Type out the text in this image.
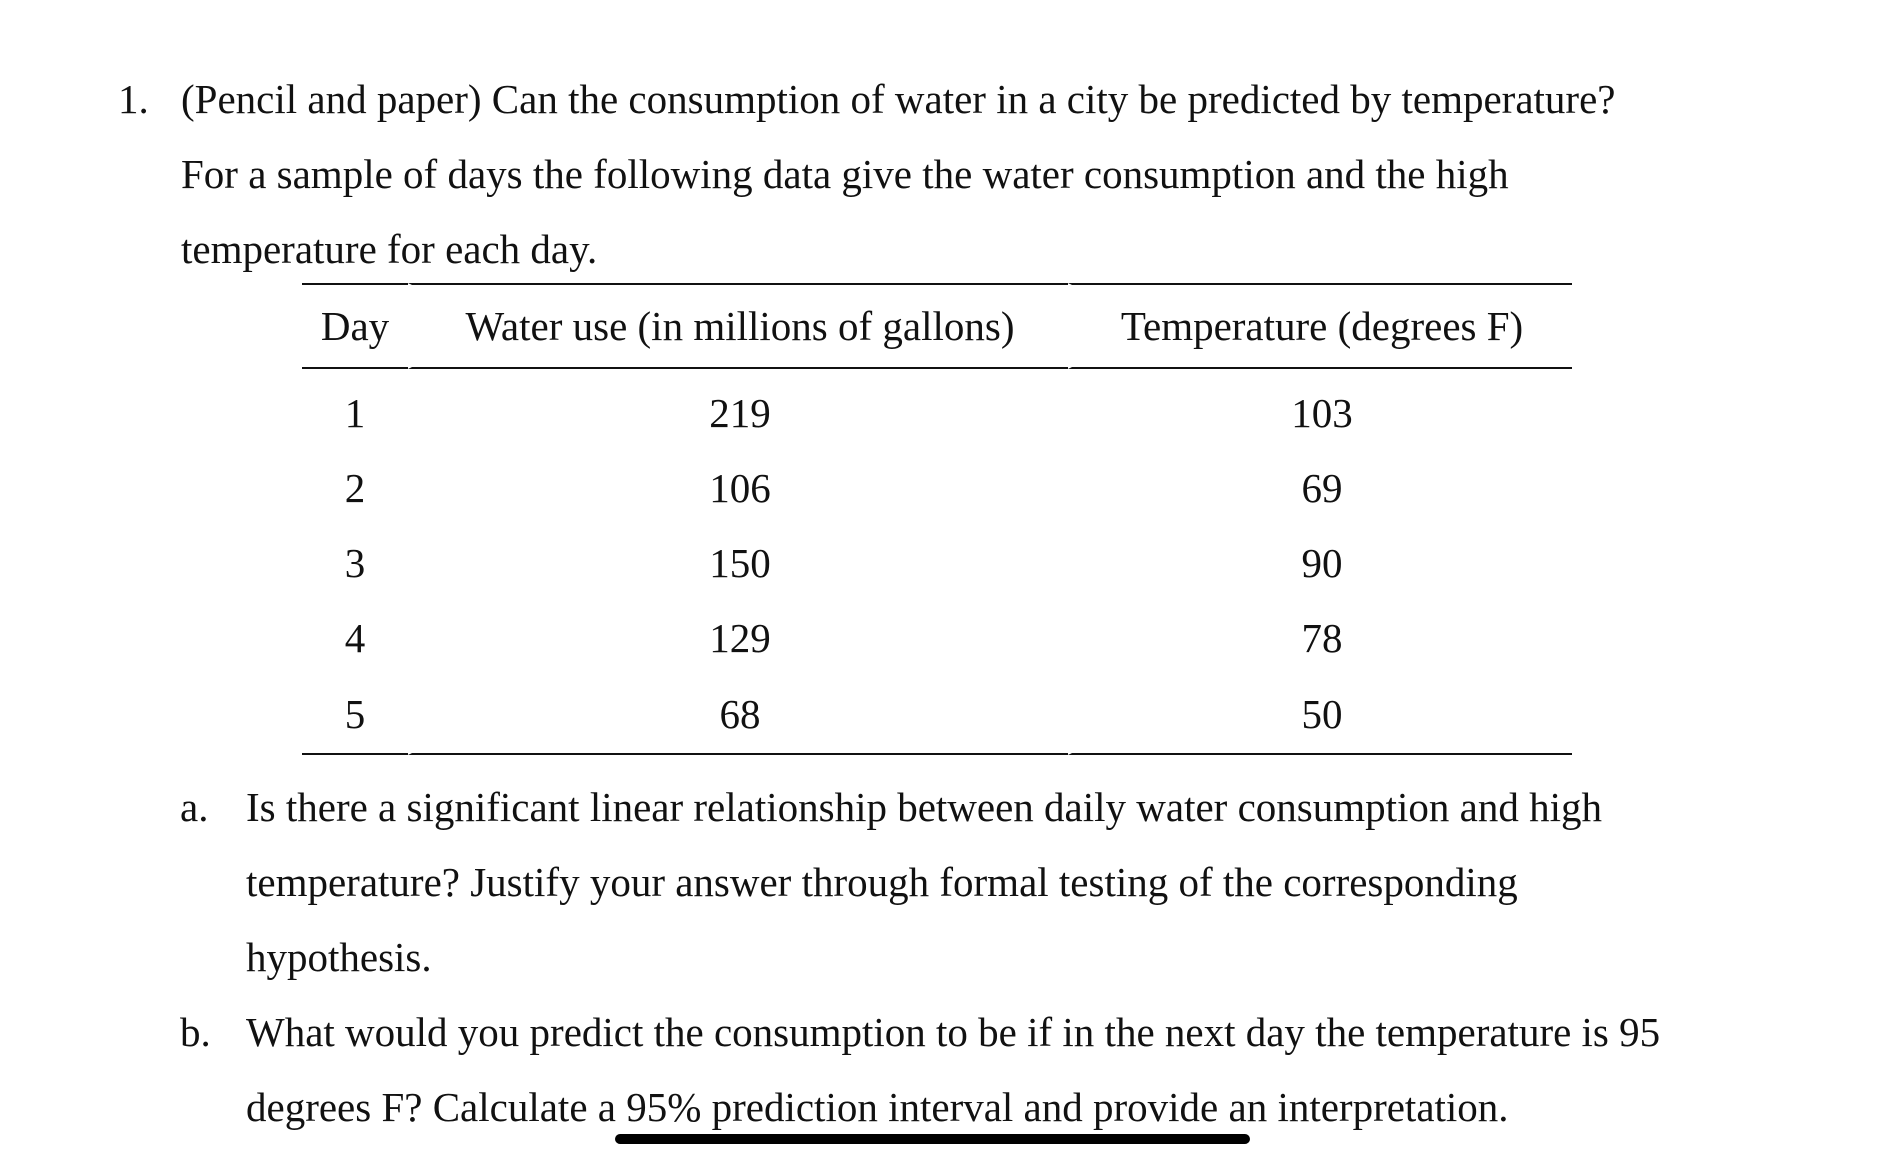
1. (Pencil and paper) Can the consumption of water in a city be predicted by temperature?
For a sample of days the following data give the water consumption and the high
temperature for each day.
Day	Water use (in millions of gallons)	Temperature (degrees F)
1	219	103
2	106	69
3	150	90
4	129	78
5	68	50
a. Is there a significant linear relationship between daily water consumption and high
temperature? Justify your answer through formal testing of the corresponding
hypothesis.
b. What would you predict the consumption to be if in the next day the temperature is 95
degrees F? Calculate a 95% prediction interval and provide an interpretation.
